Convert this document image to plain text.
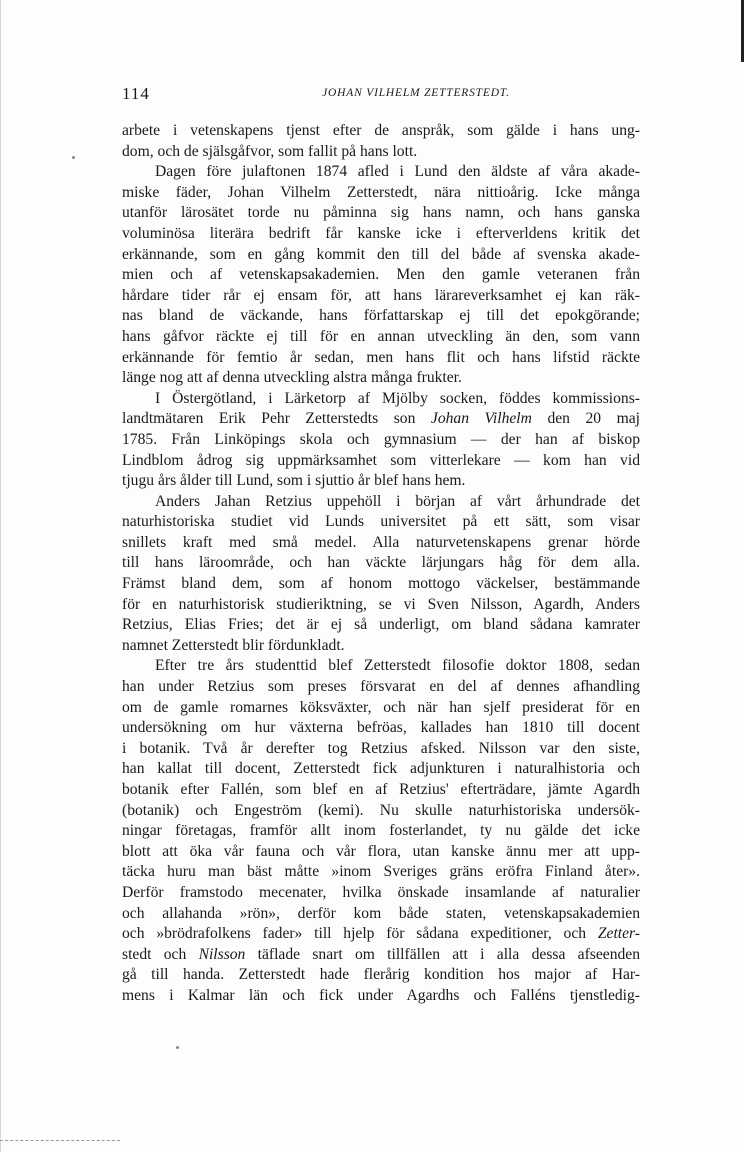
114	JOHAN VILHELM ZETTERSTEDT.
arbete i vetenskapens tjenst efter de anspråk, som gälde i hans ung-
dom, och de själsgåfvor, som fallit på hans lott.
Dagen före julaftonen 1874 afled i Lund den äldste af våra akade-
miske fäder, Johan Vilhelm Zetterstedt, nära nittioårig. Icke många
utanför lärosätet torde nu påminna sig hans namn, och hans ganska
voluminösa literära bedrift får kanske icke i efterverldens kritik det
erkännande, som en gång kommit den till del både af svenska akade-
mien och af vetenskapsakademien. Men den gamle veteranen från
hårdare tider rår ej ensam för, att hans lärareverksamhet ej kan räk-
nas bland de väckande, hans författarskap ej till det epokgörande;
hans gåfvor räckte ej till för en annan utveckling än den, som vann
erkännande för femtio år sedan, men hans flit och hans lifstid räckte
länge nog att af denna utveckling alstra många frukter.
I Östergötland, i Lärketorp af Mjölby socken, föddes kommissions-
landtmätaren Erik Pehr Zetterstedts son Johan Vilhelm den 20 maj
1785. Från Linköpings skola och gymnasium — der han af biskop
Lindblom ådrog sig uppmärksamhet som vitterlekare — kom han vid
tjugu års ålder till Lund, som i sjuttio år blef hans hem.
Anders Jahan Retzius uppehöll i början af vårt århundrade det
naturhistoriska studiet vid Lunds universitet på ett sätt, som visar
snillets kraft med små medel. Alla naturvetenskapens grenar hörde
till hans läroområde, och han väckte lärjungars håg för dem alla.
Främst bland dem, som af honom mottogo väckelser, bestämmande
för en naturhistorisk studieriktning, se vi Sven Nilsson, Agardh, Anders
Retzius, Elias Fries; det är ej så underligt, om bland sådana kamrater
namnet Zetterstedt blir fördunkladt.
Efter tre års studenttid blef Zetterstedt filosofie doktor 1808, sedan
han under Retzius som preses försvarat en del af dennes afhandling
om de gamle romarnes köksväxter, och när han sjelf presiderat för en
undersökning om hur växterna befröas, kallades han 1810 till docent
i botanik. Två år derefter tog Retzius afsked. Nilsson var den siste,
han kallat till docent, Zetterstedt fick adjunkturen i naturalhistoria och
botanik efter Fallén, som blef en af Retzius' efterträdare, jämte Agardh
(botanik) och Engeström (kemi). Nu skulle naturhistoriska undersök-
ningar företagas, framför allt inom fosterlandet, ty nu gälde det icke
blott att öka vår fauna och vår flora, utan kanske ännu mer att upp-
täcka huru man bäst måtte »inom Sveriges gräns eröfra Finland åter».
Derför framstodo mecenater, hvilka önskade insamlande af naturalier
och allahanda »rön», derför kom både staten, vetenskapsakademien
och »brödrafolkens fader» till hjelp för sådana expeditioner, och Zetter-
stedt och Nilsson täflade snart om tillfällen att i alla dessa afseenden
gå till handa. Zetterstedt hade flerårig kondition hos major af Har-
mens i Kalmar län och fick under Agardhs och Falléns tjenstledig-
